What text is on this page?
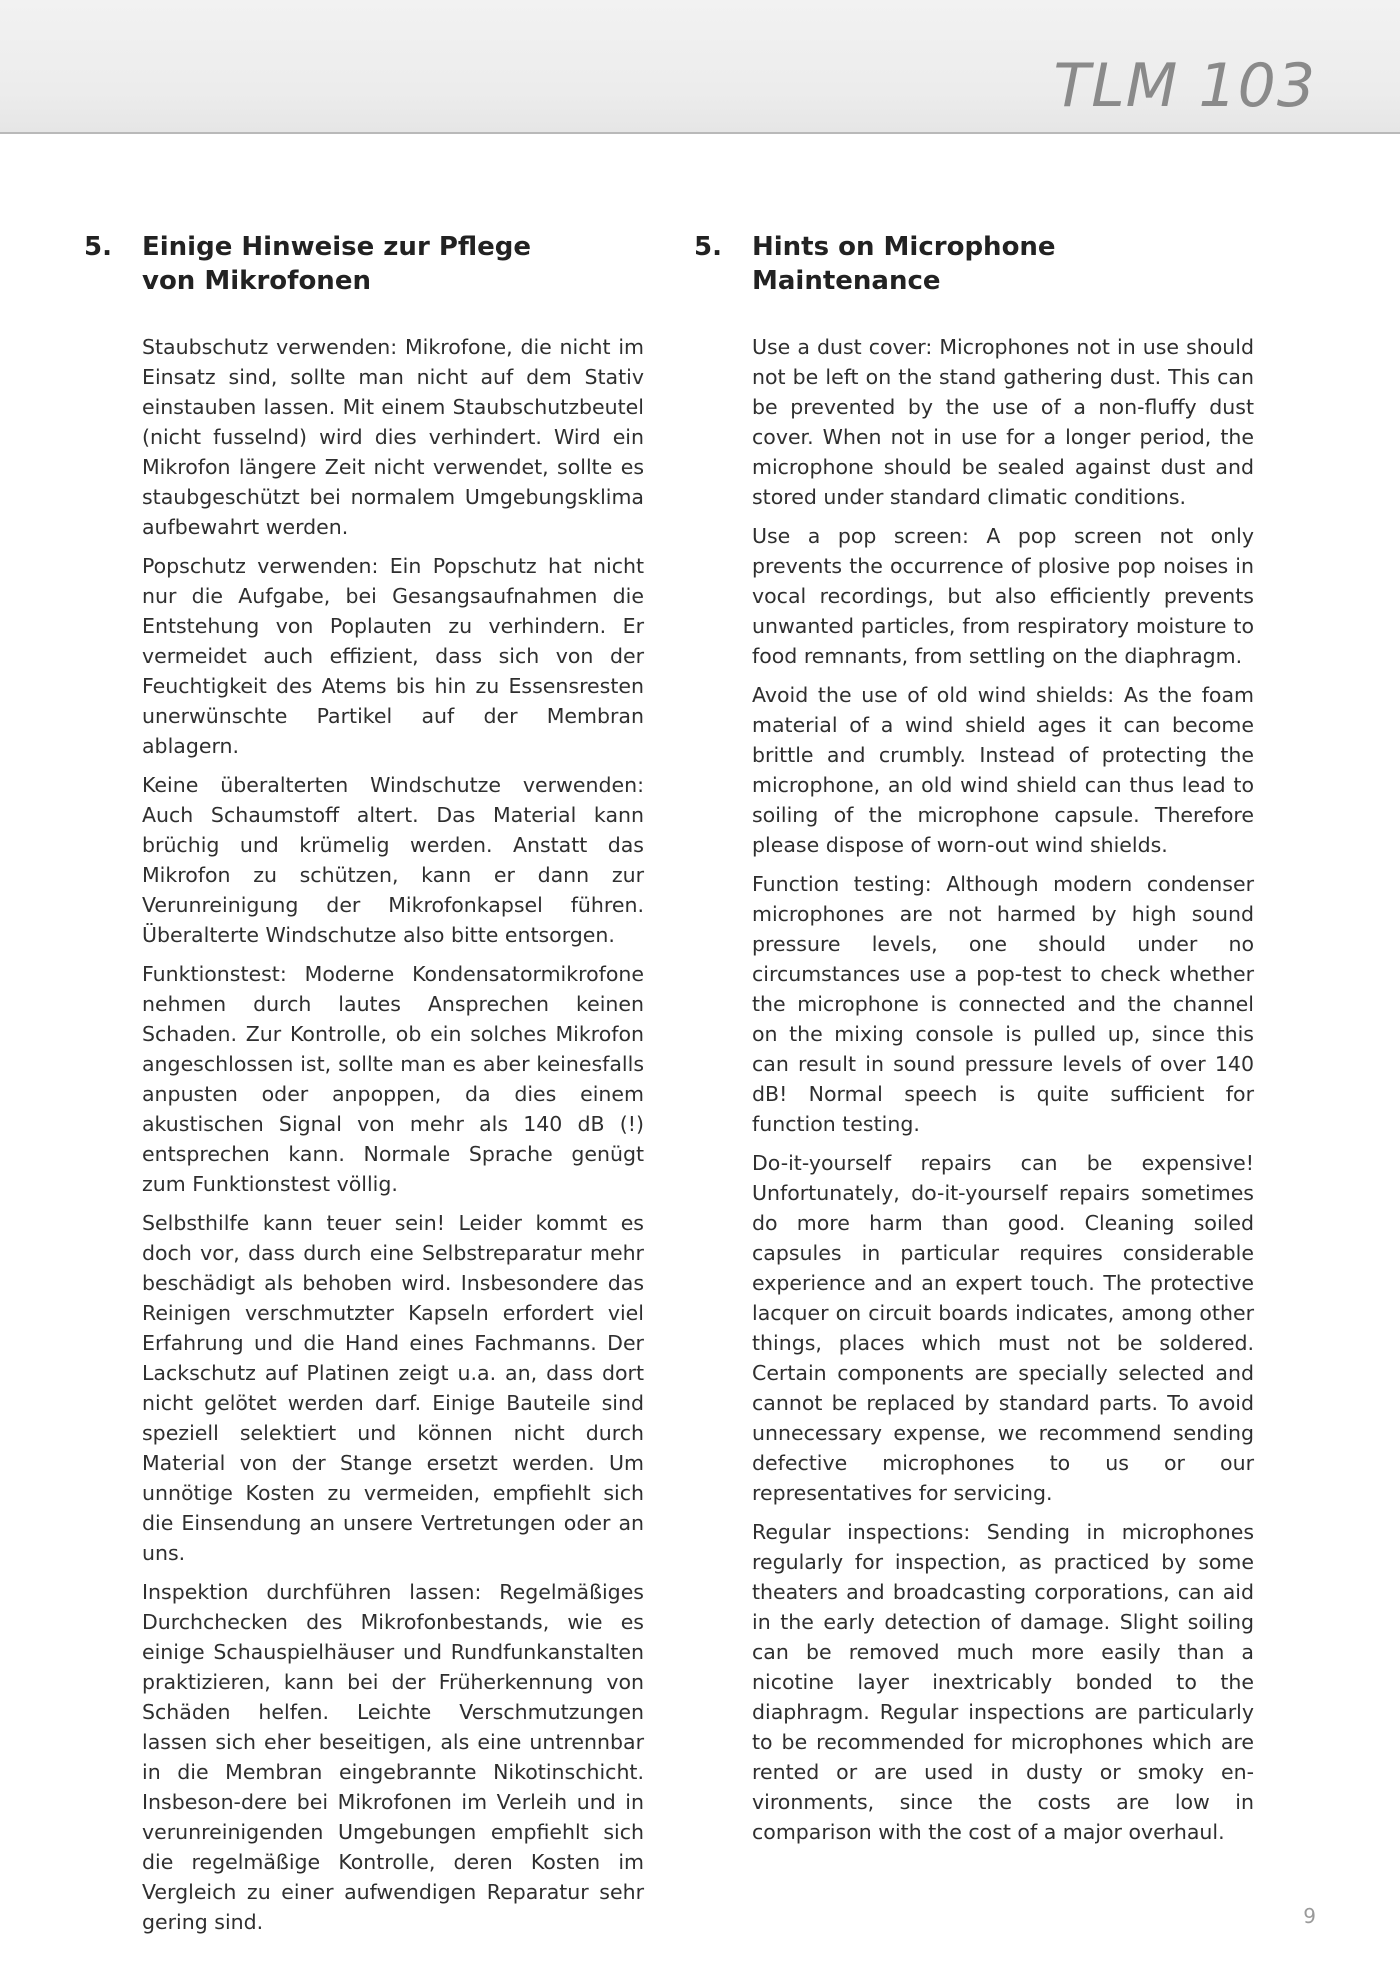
TLM 103
5.	Einige Hinweise zur Pflege von Mikrofonen

Staubschutz verwenden: Mikrofone, die nicht im Einsatz sind, sollte man nicht auf dem Stativ einstauben lassen. Mit einem Staubschutzbeutel (nicht fusselnd) wird dies verhindert. Wird ein Mikrofon längere Zeit nicht verwendet, sollte es staubgeschützt bei normalem Umgebungsklima aufbewahrt werden.

Popschutz verwenden: Ein Popschutz hat nicht nur die Aufgabe, bei Gesangsaufnahmen die Entstehung von Poplauten zu verhindern. Er vermeidet auch effizient, dass sich von der Feuchtigkeit des Atems bis hin zu Essensresten unerwünschte Partikel auf der Membran ablagern.

Keine überalterten Windschutze verwenden: Auch Schaumstoff altert. Das Material kann brüchig und krümelig werden. Anstatt das Mikrofon zu schützen, kann er dann zur Verunreinigung der Mikrofonkapsel führen. Überalterte Windschutze also bitte entsorgen.

Funktionstest: Moderne Kondensatormikrofone nehmen durch lautes Ansprechen keinen Schaden. Zur Kontrolle, ob ein solches Mikrofon angeschlossen ist, sollte man es aber keinesfalls anpusten oder anpoppen, da dies einem akustischen Signal von mehr als 140 dB (!) entsprechen kann. Normale Sprache genügt zum Funktionstest völlig.

Selbsthilfe kann teuer sein! Leider kommt es doch vor, dass durch eine Selbstreparatur mehr beschädigt als behoben wird. Insbesondere das Reinigen verschmutzter Kapseln erfordert viel Erfahrung und die Hand eines Fachmanns. Der Lackschutz auf Platinen zeigt u.a. an, dass dort nicht gelötet werden darf. Einige Bauteile sind speziell selektiert und können nicht durch Material von der Stange ersetzt werden. Um unnötige Kosten zu vermeiden, empfiehlt sich die Einsendung an unsere Vertretungen oder an uns.

Inspektion durchführen lassen: Regelmäßiges Durchchecken des Mikrofonbestands, wie es einige Schauspielhäuser und Rundfunkanstalten praktizieren, kann bei der Früherkennung von Schäden helfen. Leichte Verschmutzungen lassen sich eher beseitigen, als eine untrennbar in die Membran eingebrannte Nikotinschicht. Insbeson-dere bei Mikrofonen im Verleih und in verunreinigenden Umgebungen empfiehlt sich die regelmäßige Kontrolle, deren Kosten im Vergleich zu einer aufwendigen Reparatur sehr gering sind.

5.	Hints on Microphone Maintenance

Use a dust cover: Microphones not in use should not be left on the stand gathering dust. This can be prevented by the use of a non-fluffy dust cover. When not in use for a longer period, the microphone should be sealed against dust and stored under standard climatic conditions.

Use a pop screen: A pop screen not only prevents the occurrence of plosive pop noises in vocal recordings, but also efficiently prevents unwanted particles, from respiratory moisture to food remnants, from settling on the diaphragm.

Avoid the use of old wind shields: As the foam material of a wind shield ages it can become brittle and crumbly. Instead of protecting the microphone, an old wind shield can thus lead to soiling of the microphone capsule. Therefore please dispose of worn-out wind shields.

Function testing: Although modern condenser microphones are not harmed by high sound pressure levels, one should under no circumstances use a pop-test to check whether the microphone is connected and the channel on the mixing console is pulled up, since this can result in sound pressure levels of over 140 dB! Normal speech is quite sufficient for function testing.

Do-it-yourself repairs can be expensive! Unfortunately, do-it-yourself repairs sometimes do more harm than good. Cleaning soiled capsules in particular requires considerable experience and an expert touch. The protective lacquer on circuit boards indicates, among other things, places which must not be soldered. Certain components are specially selected and cannot be replaced by standard parts. To avoid unnecessary expense, we recommend sending defective microphones to us or our representatives for servicing.

Regular inspections: Sending in microphones regularly for inspection, as practiced by some theaters and broadcasting corporations, can aid in the early detection of damage. Slight soiling can be removed much more easily than a nicotine layer inextricably bonded to the diaphragm. Regular inspections are particularly to be recommended for microphones which are rented or are used in dusty or smoky environments, since the costs are low in comparison with the cost of a major overhaul.

9
